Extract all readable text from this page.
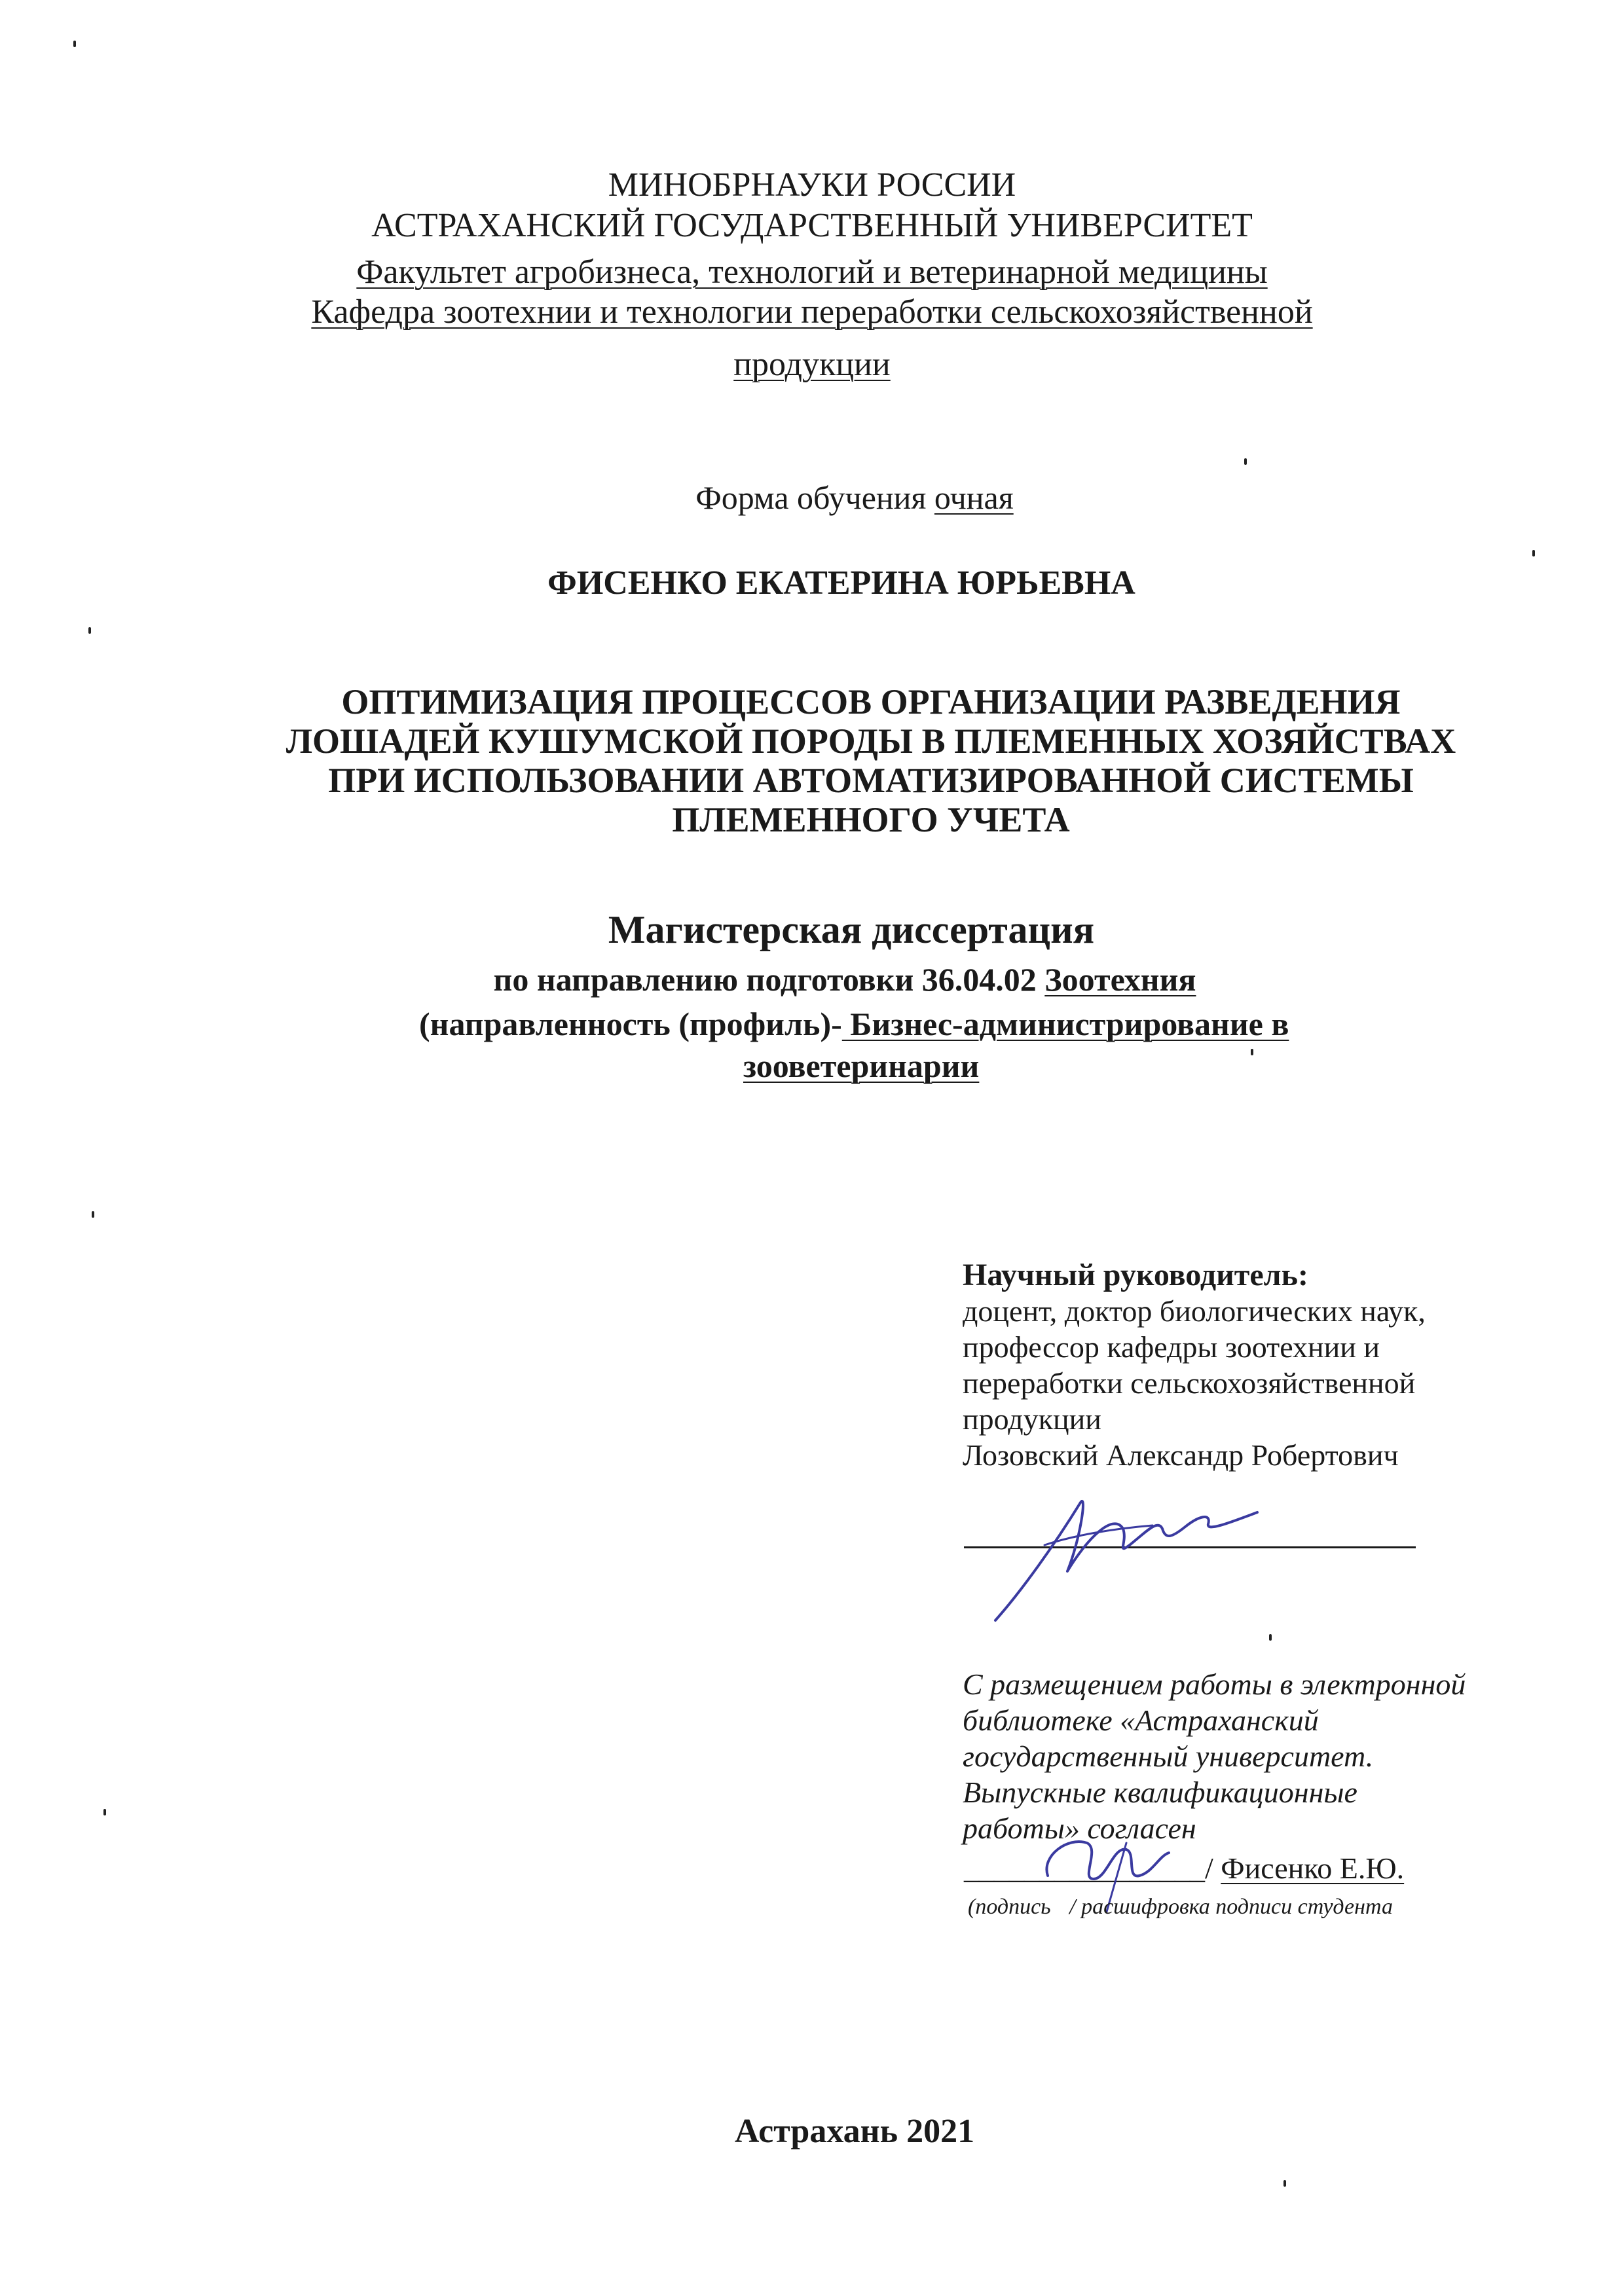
МИНОБРНАУКИ РОССИИ
АСТРАХАНСКИЙ ГОСУДАРСТВЕННЫЙ УНИВЕРСИТЕТ
Факультет агробизнеса, технологий и ветеринарной медицины
Кафедра зоотехнии и технологии переработки сельскохозяйственной
продукции
Форма обучения очная
ФИСЕНКО ЕКАТЕРИНА ЮРЬЕВНА
ОПТИМИЗАЦИЯ ПРОЦЕССОВ ОРГАНИЗАЦИИ РАЗВЕДЕНИЯ
ЛОШАДЕЙ КУШУМСКОЙ ПОРОДЫ В ПЛЕМЕННЫХ ХОЗЯЙСТВАХ
ПРИ ИСПОЛЬЗОВАНИИ АВТОМАТИЗИРОВАННОЙ СИСТЕМЫ
ПЛЕМЕННОГО УЧЕТА
Магистерская диссертация
по направлению подготовки 36.04.02 Зоотехния
(направленность (профиль)- Бизнес-администрирование в
зооветеринарии
Научный руководитель:
доцент, доктор биологических наук,
профессор кафедры зоотехнии и
переработки сельскохозяйственной
продукции
Лозовский Александр Робертович
С размещением работы в электронной
библиотеке «Астраханский
государственный университет.
Выпускные квалификационные
работы» согласен
________________/ Фисенко Е.Ю.
(подпись / расшифровка подписи студента
Астрахань 2021
